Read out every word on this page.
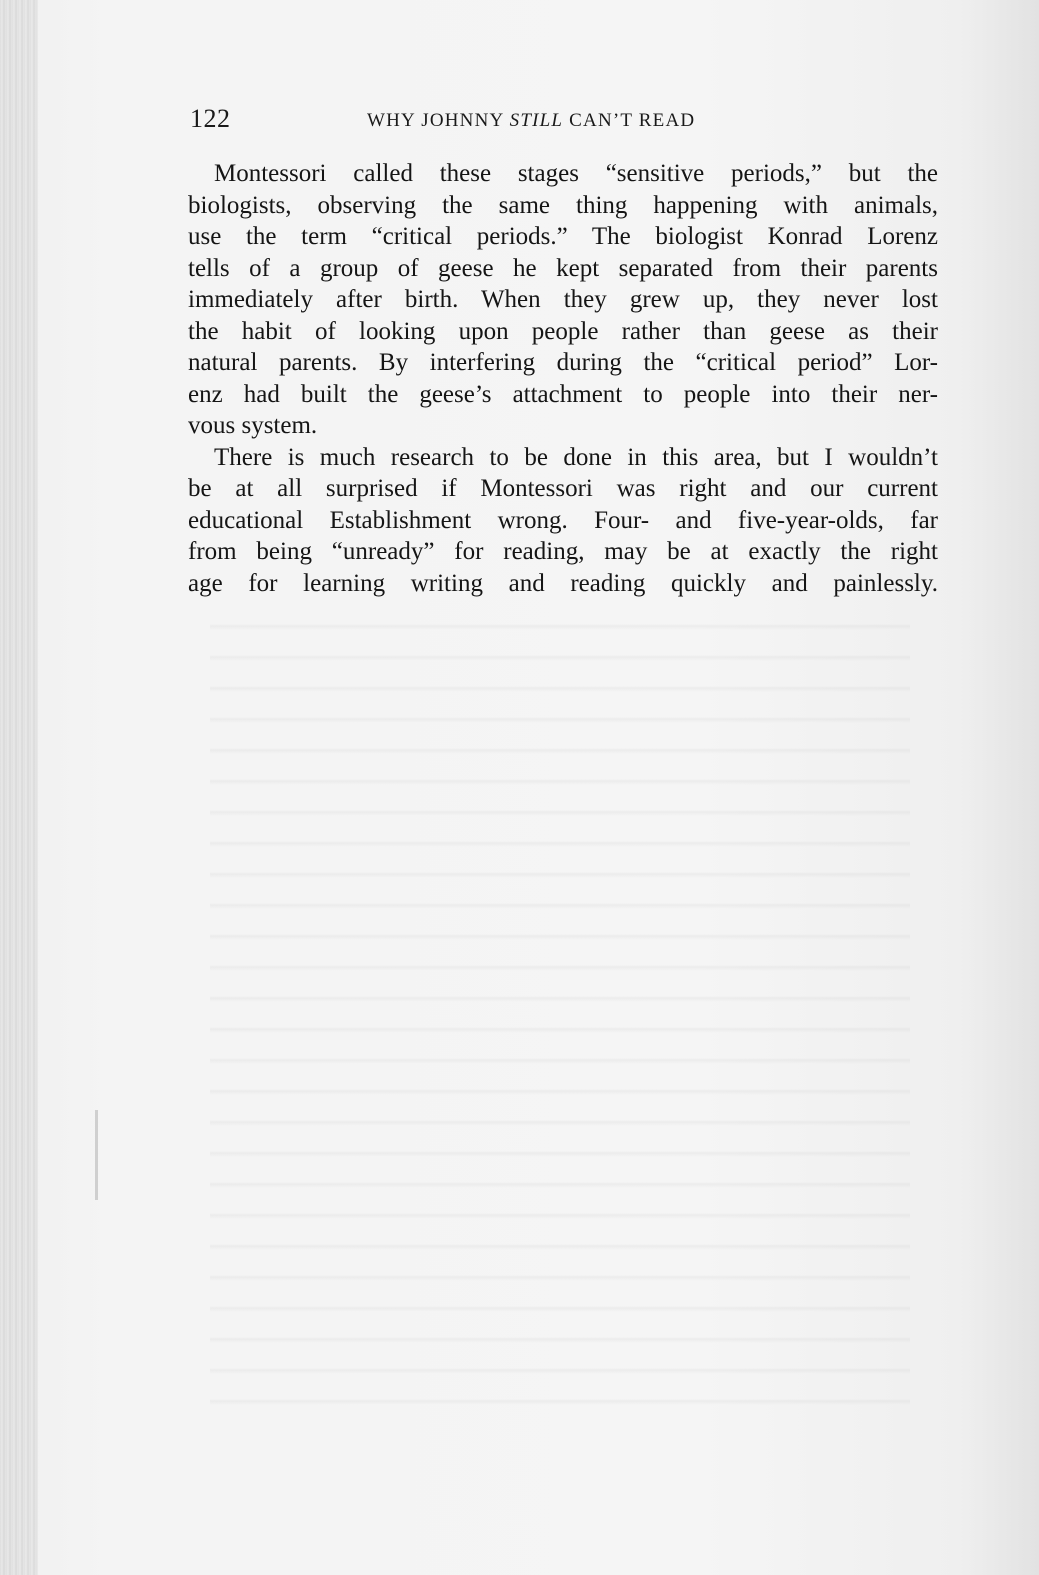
122	WHY JOHNNY STILL CAN’T READ
Montessori called these stages “sensitive periods,” but the
biologists, observing the same thing happening with animals,
use the term “critical periods.” The biologist Konrad Lorenz
tells of a group of geese he kept separated from their parents
immediately after birth. When they grew up, they never lost
the habit of looking upon people rather than geese as their
natural parents. By interfering during the “critical period” Lor-
enz had built the geese’s attachment to people into their ner-
vous system.
There is much research to be done in this area, but I wouldn’t
be at all surprised if Montessori was right and our current
educational Establishment wrong. Four- and five-year-olds, far
from being “unready” for reading, may be at exactly the right
age for learning writing and reading quickly and painlessly.
